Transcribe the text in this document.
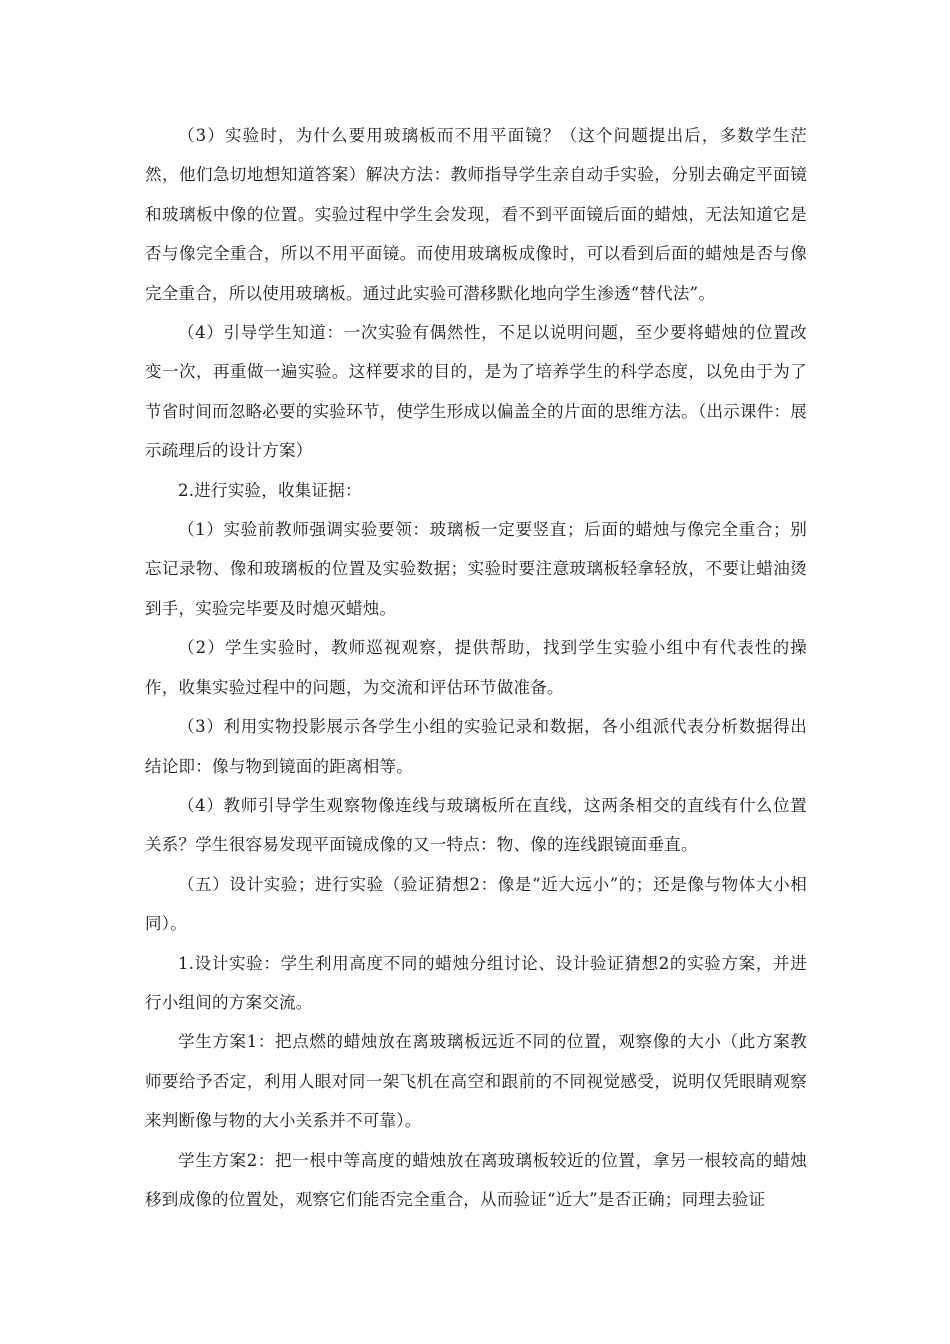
（3）实验时，为什么要用玻璃板而不用平面镜？（这个问题提出后，多数学生茫然，他们急切地想知道答案）解决方法：教师指导学生亲自动手实验，分别去确定平面镜和玻璃板中像的位置。实验过程中学生会发现，看不到平面镜后面的蜡烛，无法知道它是否与像完全重合，所以不用平面镜。而使用玻璃板成像时，可以看到后面的蜡烛是否与像完全重合，所以使用玻璃板。通过此实验可潜移默化地向学生渗透“替代法”。

（4）引导学生知道：一次实验有偶然性，不足以说明问题，至少要将蜡烛的位置改变一次，再重做一遍实验。这样要求的目的，是为了培养学生的科学态度，以免由于为了节省时间而忽略必要的实验环节，使学生形成以偏盖全的片面的思维方法。（出示课件：展示疏理后的设计方案）

2.进行实验，收集证据：

（1）实验前教师强调实验要领：玻璃板一定要竖直；后面的蜡烛与像完全重合；别忘记录物、像和玻璃板的位置及实验数据；实验时要注意玻璃板轻拿轻放，不要让蜡油烫到手，实验完毕要及时熄灭蜡烛。

（2）学生实验时，教师巡视观察，提供帮助，找到学生实验小组中有代表性的操作，收集实验过程中的问题，为交流和评估环节做准备。

（3）利用实物投影展示各学生小组的实验记录和数据，各小组派代表分析数据得出结论即：像与物到镜面的距离相等。

（4）教师引导学生观察物像连线与玻璃板所在直线，这两条相交的直线有什么位置关系？学生很容易发现平面镜成像的又一特点：物、像的连线跟镜面垂直。

（五）设计实验；进行实验（验证猜想2：像是“近大远小”的；还是像与物体大小相同）。

1.设计实验：学生利用高度不同的蜡烛分组讨论、设计验证猜想2的实验方案，并进行小组间的方案交流。

学生方案1：把点燃的蜡烛放在离玻璃板远近不同的位置，观察像的大小（此方案教师要给予否定，利用人眼对同一架飞机在高空和跟前的不同视觉感受，说明仅凭眼睛观察来判断像与物的大小关系并不可靠）。

学生方案2：把一根中等高度的蜡烛放在离玻璃板较近的位置，拿另一根较高的蜡烛移到成像的位置处，观察它们能否完全重合，从而验证“近大”是否正确；同理去验证
